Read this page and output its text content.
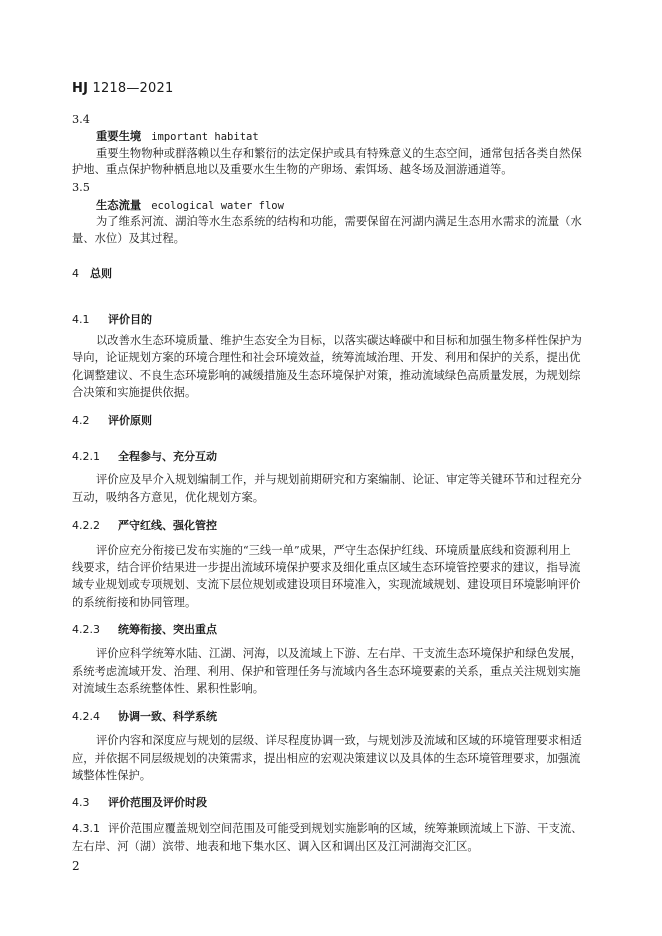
HJ 1218—2021
3.4
重要生境 important habitat
重要生物物种或群落赖以生存和繁衍的法定保护或具有特殊意义的生态空间，通常包括各类自然保
护地、重点保护物种栖息地以及重要水生生物的产卵场、索饵场、越冬场及洄游通道等。
3.5
生态流量 ecological water flow
为了维系河流、湖泊等水生态系统的结构和功能，需要保留在河湖内满足生态用水需求的流量（水
量、水位）及其过程。
4 总则
4.1 评价目的
以改善水生态环境质量、维护生态安全为目标，以落实碳达峰碳中和目标和加强生物多样性保护为
导向，论证规划方案的环境合理性和社会环境效益，统筹流域治理、开发、利用和保护的关系，提出优
化调整建议、不良生态环境影响的减缓措施及生态环境保护对策，推动流域绿色高质量发展，为规划综
合决策和实施提供依据。
4.2 评价原则
4.2.1 全程参与、充分互动
评价应及早介入规划编制工作，并与规划前期研究和方案编制、论证、审定等关键环节和过程充分
互动，吸纳各方意见，优化规划方案。
4.2.2 严守红线、强化管控
评价应充分衔接已发布实施的“三线一单”成果，严守生态保护红线、环境质量底线和资源利用上
线要求，结合评价结果进一步提出流域环境保护要求及细化重点区域生态环境管控要求的建议，指导流
域专业规划或专项规划、支流下层位规划或建设项目环境准入，实现流域规划、建设项目环境影响评价
的系统衔接和协同管理。
4.2.3 统筹衔接、突出重点
评价应科学统筹水陆、江湖、河海，以及流域上下游、左右岸、干支流生态环境保护和绿色发展，
系统考虑流域开发、治理、利用、保护和管理任务与流域内各生态环境要素的关系，重点关注规划实施
对流域生态系统整体性、累积性影响。
4.2.4 协调一致、科学系统
评价内容和深度应与规划的层级、详尽程度协调一致，与规划涉及流域和区域的环境管理要求相适
应，并依据不同层级规划的决策需求，提出相应的宏观决策建议以及具体的生态环境管理要求，加强流
域整体性保护。
4.3 评价范围及评价时段
4.3.1 评价范围应覆盖规划空间范围及可能受到规划实施影响的区域，统筹兼顾流域上下游、干支流、
左右岸、河（湖）滨带、地表和地下集水区、调入区和调出区及江河湖海交汇区。
2
